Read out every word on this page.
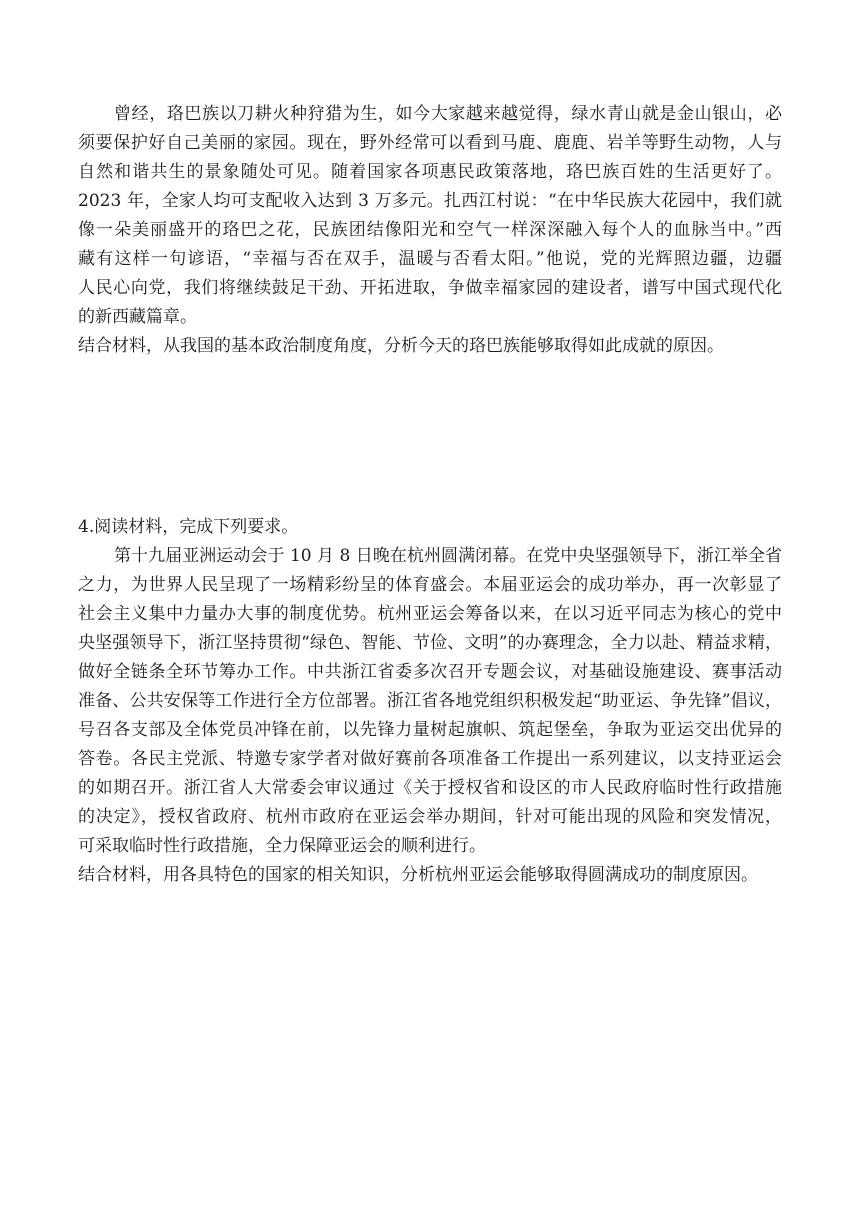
曾经，珞巴族以刀耕火种狩猎为生，如今大家越来越觉得，绿水青山就是金山银山，必
须要保护好自己美丽的家园。现在，野外经常可以看到马鹿、鹿鹿、岩羊等野生动物，人与
自然和谐共生的景象随处可见。随着国家各项惠民政策落地，珞巴族百姓的生活更好了。
2023 年，全家人均可支配收入达到 3 万多元。扎西江村说：“在中华民族大花园中，我们就
像一朵美丽盛开的珞巴之花，民族团结像阳光和空气一样深深融入每个人的血脉当中。”西
藏有这样一句谚语，“幸福与否在双手，温暖与否看太阳。”他说，党的光辉照边疆，边疆
人民心向党，我们将继续鼓足干劲、开拓进取，争做幸福家园的建设者，谱写中国式现代化
的新西藏篇章。
结合材料，从我国的基本政治制度角度，分析今天的珞巴族能够取得如此成就的原因。
4.阅读材料，完成下列要求。
第十九届亚洲运动会于 10 月 8 日晚在杭州圆满闭幕。在党中央坚强领导下，浙江举全省
之力，为世界人民呈现了一场精彩纷呈的体育盛会。本届亚运会的成功举办，再一次彰显了
社会主义集中力量办大事的制度优势。杭州亚运会筹备以来，在以习近平同志为核心的党中
央坚强领导下，浙江坚持贯彻“绿色、智能、节俭、文明”的办赛理念，全力以赴、精益求精，
做好全链条全环节筹办工作。中共浙江省委多次召开专题会议，对基础设施建设、赛事活动
准备、公共安保等工作进行全方位部署。浙江省各地党组织积极发起“助亚运、争先锋”倡议，
号召各支部及全体党员冲锋在前，以先锋力量树起旗帜、筑起堡垒，争取为亚运交出优异的
答卷。各民主党派、特邀专家学者对做好赛前各项准备工作提出一系列建议，以支持亚运会
的如期召开。浙江省人大常委会审议通过《关于授权省和设区的市人民政府临时性行政措施
的决定》，授权省政府、杭州市政府在亚运会举办期间，针对可能出现的风险和突发情况，
可采取临时性行政措施，全力保障亚运会的顺利进行。
结合材料，用各具特色的国家的相关知识，分析杭州亚运会能够取得圆满成功的制度原因。
